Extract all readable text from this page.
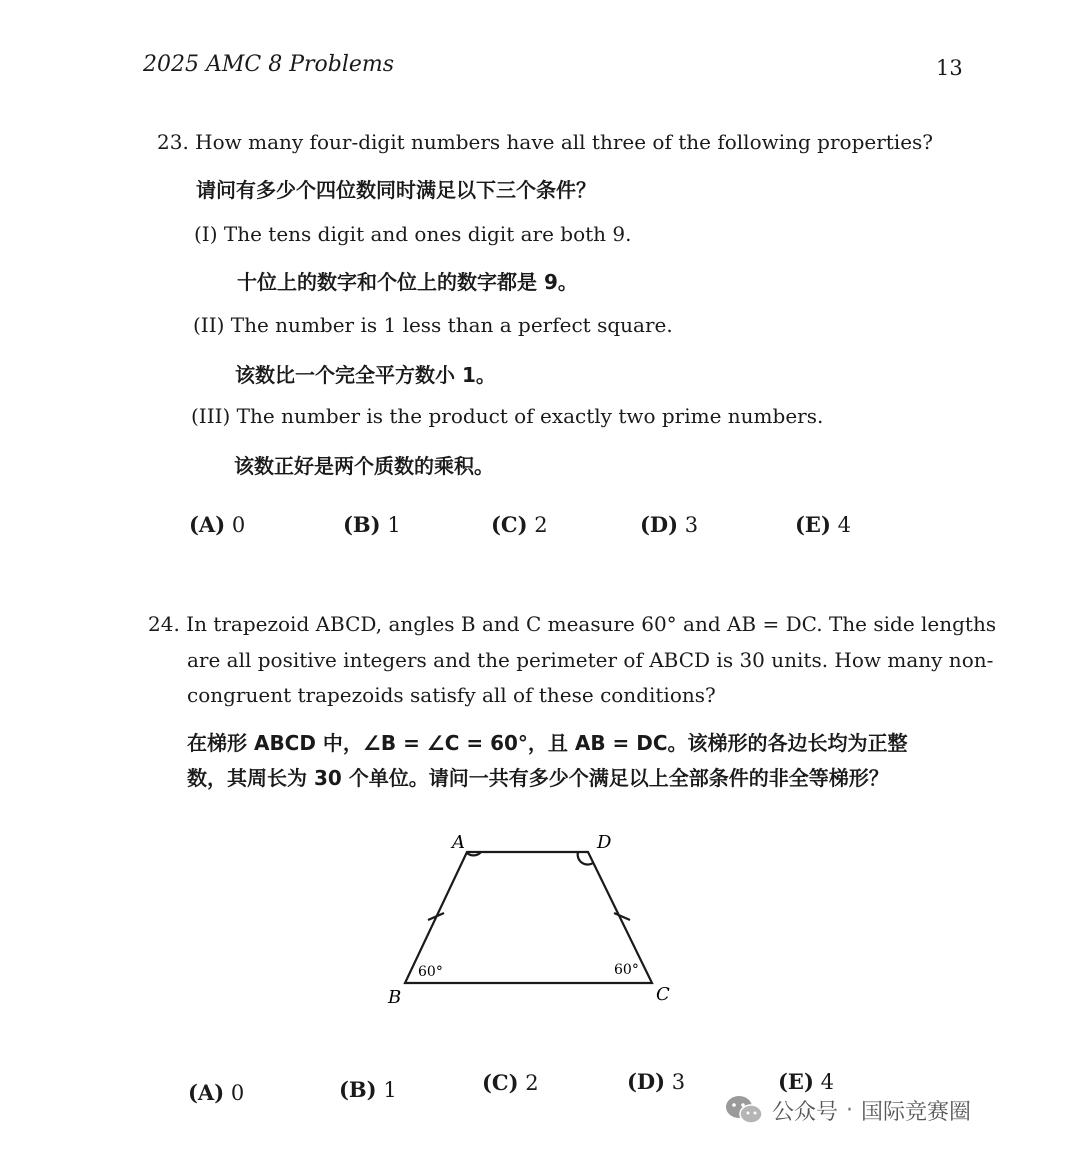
2025 AMC 8 Problems	13
23. How many four-digit numbers have all three of the following properties?
请问有多少个四位数同时满足以下三个条件？
(I) The tens digit and ones digit are both 9.
十位上的数字和个位上的数字都是 9。
(II) The number is 1 less than a perfect square.
该数比一个完全平方数小 1。
(III) The number is the product of exactly two prime numbers.
该数正好是两个质数的乘积。
(A) 0	(B) 1	(C) 2	(D) 3	(E) 4
24. In trapezoid ABCD, angles B and C measure 60° and AB = DC. The side lengths
are all positive integers and the perimeter of ABCD is 30 units. How many non-
congruent trapezoids satisfy all of these conditions?
在梯形 ABCD 中，∠B = ∠C = 60°，且 AB = DC。该梯形的各边长均为正整
数，其周长为 30 个单位。请问一共有多少个满足以上全部条件的非全等梯形？
A	D
B	C
60°	60°
(A) 0	(B) 1	(C) 2	(D) 3	(E) 4
公众号 · 国际竞赛圈
